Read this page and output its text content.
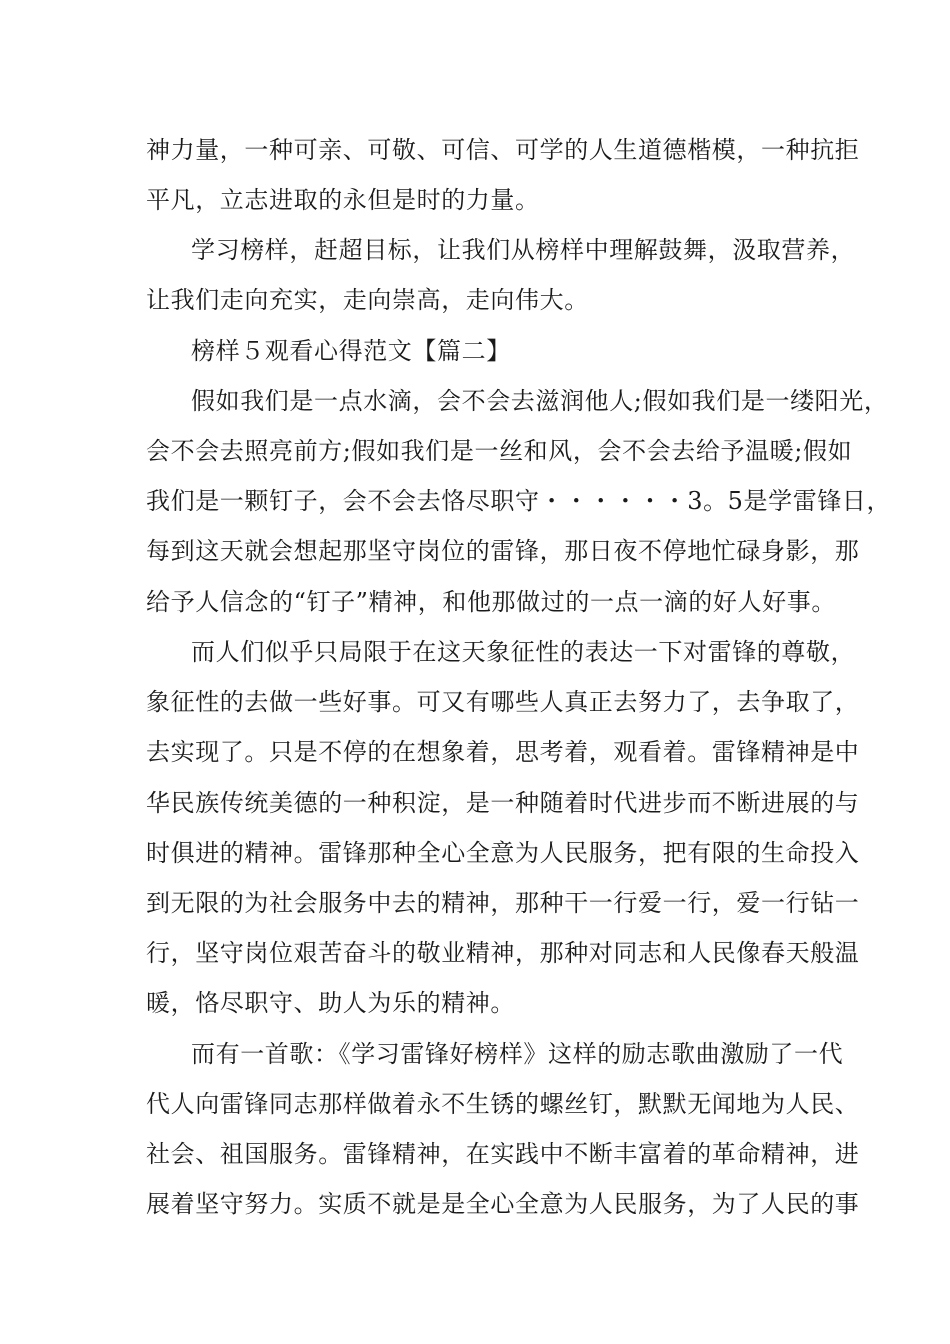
神力量，一种可亲、可敬、可信、可学的人生道德楷模，一种抗拒
平凡，立志进取的永但是时的力量。
学习榜样，赶超目标，让我们从榜样中理解鼓舞，汲取营养，
让我们走向充实，走向崇高，走向伟大。
榜样５观看心得范文【篇二】
假如我们是一点水滴，会不会去滋润他人;假如我们是一缕阳光，
会不会去照亮前方;假如我们是一丝和风，会不会去给予温暖;假如
我们是一颗钉子，会不会去恪尽职守・・・・・・3。5是学雷锋日，
每到这天就会想起那坚守岗位的雷锋，那日夜不停地忙碌身影，那
给予人信念的“钉子”精神，和他那做过的一点一滴的好人好事。
而人们似乎只局限于在这天象征性的表达一下对雷锋的尊敬，
象征性的去做一些好事。可又有哪些人真正去努力了，去争取了，
去实现了。只是不停的在想象着，思考着，观看着。雷锋精神是中
华民族传统美德的一种积淀，是一种随着时代进步而不断进展的与
时俱进的精神。雷锋那种全心全意为人民服务，把有限的生命投入
到无限的为社会服务中去的精神，那种干一行爱一行，爱一行钻一
行，坚守岗位艰苦奋斗的敬业精神，那种对同志和人民像春天般温
暖，恪尽职守、助人为乐的精神。
而有一首歌：《学习雷锋好榜样》这样的励志歌曲激励了一代
代人向雷锋同志那样做着永不生锈的螺丝钉，默默无闻地为人民、
社会、祖国服务。雷锋精神，在实践中不断丰富着的革命精神，进
展着坚守努力。实质不就是是全心全意为人民服务，为了人民的事
